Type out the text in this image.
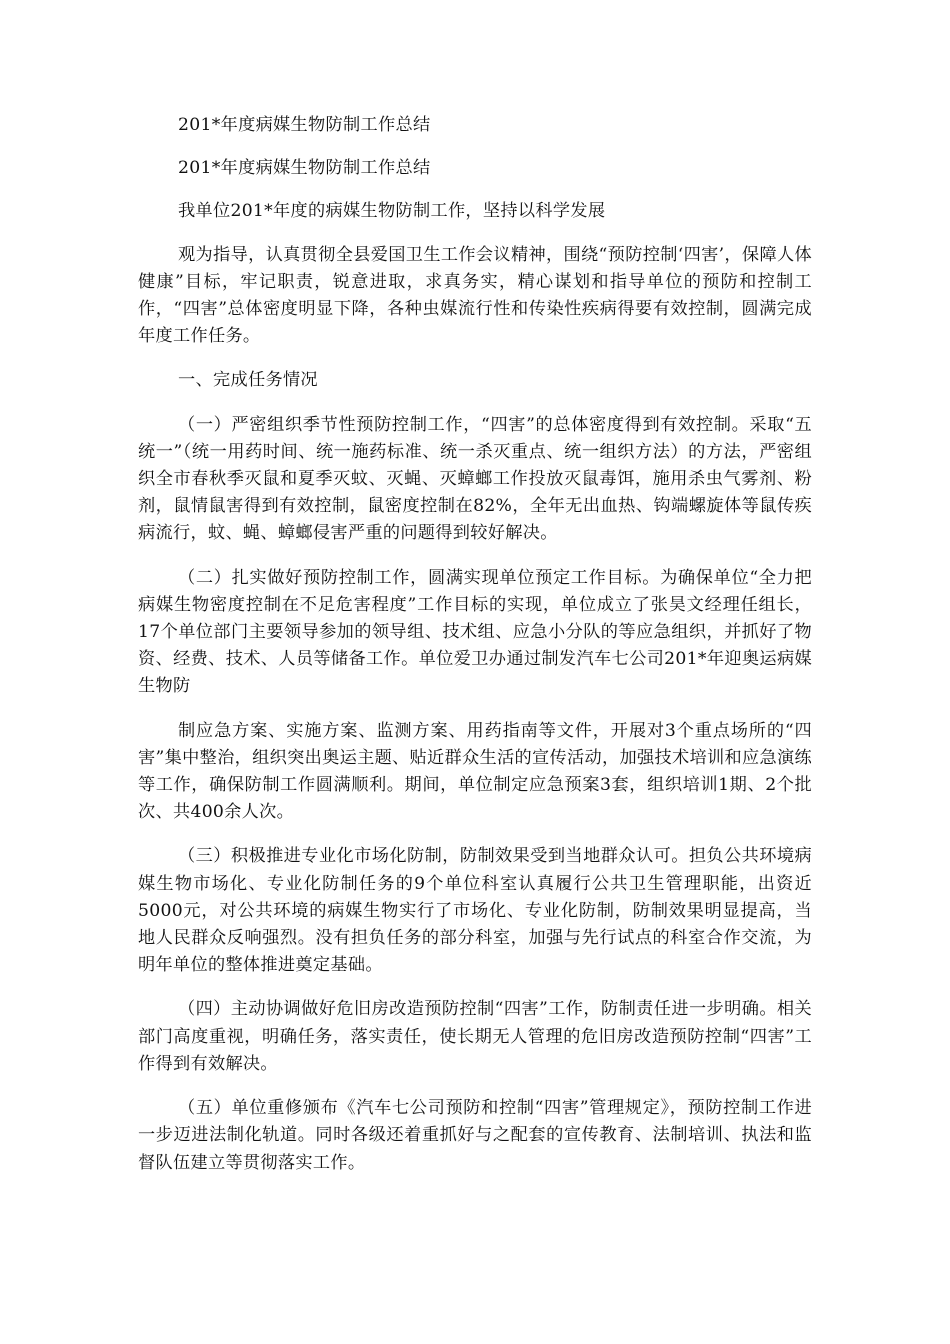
201*年度病媒生物防制工作总结

201*年度病媒生物防制工作总结

我单位201*年度的病媒生物防制工作，坚持以科学发展

观为指导，认真贯彻全县爱国卫生工作会议精神，围绕“预防控制‘四害’，保障人体健康”目标，牢记职责，锐意进取，求真务实，精心谋划和指导单位的预防和控制工作，“四害”总体密度明显下降，各种虫媒流行性和传染性疾病得要有效控制，圆满完成年度工作任务。

一、完成任务情况

（一）严密组织季节性预防控制工作，“四害”的总体密度得到有效控制。采取“五统一”（统一用药时间、统一施药标准、统一杀灭重点、统一组织方法）的方法，严密组织全市春秋季灭鼠和夏季灭蚊、灭蝇、灭蟑螂工作投放灭鼠毒饵，施用杀虫气雾剂、粉剂，鼠情鼠害得到有效控制，鼠密度控制在82%，全年无出血热、钩端螺旋体等鼠传疾病流行，蚊、蝇、蟑螂侵害严重的问题得到较好解决。

（二）扎实做好预防控制工作，圆满实现单位预定工作目标。为确保单位“全力把病媒生物密度控制在不足危害程度”工作目标的实现，单位成立了张昊文经理任组长，17个单位部门主要领导参加的领导组、技术组、应急小分队的等应急组织，并抓好了物资、经费、技术、人员等储备工作。单位爱卫办通过制发汽车七公司201*年迎奥运病媒生物防

制应急方案、实施方案、监测方案、用药指南等文件，开展对3个重点场所的“四害”集中整治，组织突出奥运主题、贴近群众生活的宣传活动，加强技术培训和应急演练等工作，确保防制工作圆满顺利。期间，单位制定应急预案3套，组织培训1期、2个批次、共400余人次。

（三）积极推进专业化市场化防制，防制效果受到当地群众认可。担负公共环境病媒生物市场化、专业化防制任务的9个单位科室认真履行公共卫生管理职能，出资近5000元，对公共环境的病媒生物实行了市场化、专业化防制，防制效果明显提高，当地人民群众反响强烈。没有担负任务的部分科室，加强与先行试点的科室合作交流，为明年单位的整体推进奠定基础。

（四）主动协调做好危旧房改造预防控制“四害”工作，防制责任进一步明确。相关部门高度重视，明确任务，落实责任，使长期无人管理的危旧房改造预防控制“四害”工作得到有效解决。

（五）单位重修颁布《汽车七公司预防和控制“四害”管理规定》，预防控制工作进一步迈进法制化轨道。同时各级还着重抓好与之配套的宣传教育、法制培训、执法和监督队伍建立等贯彻落实工作。
